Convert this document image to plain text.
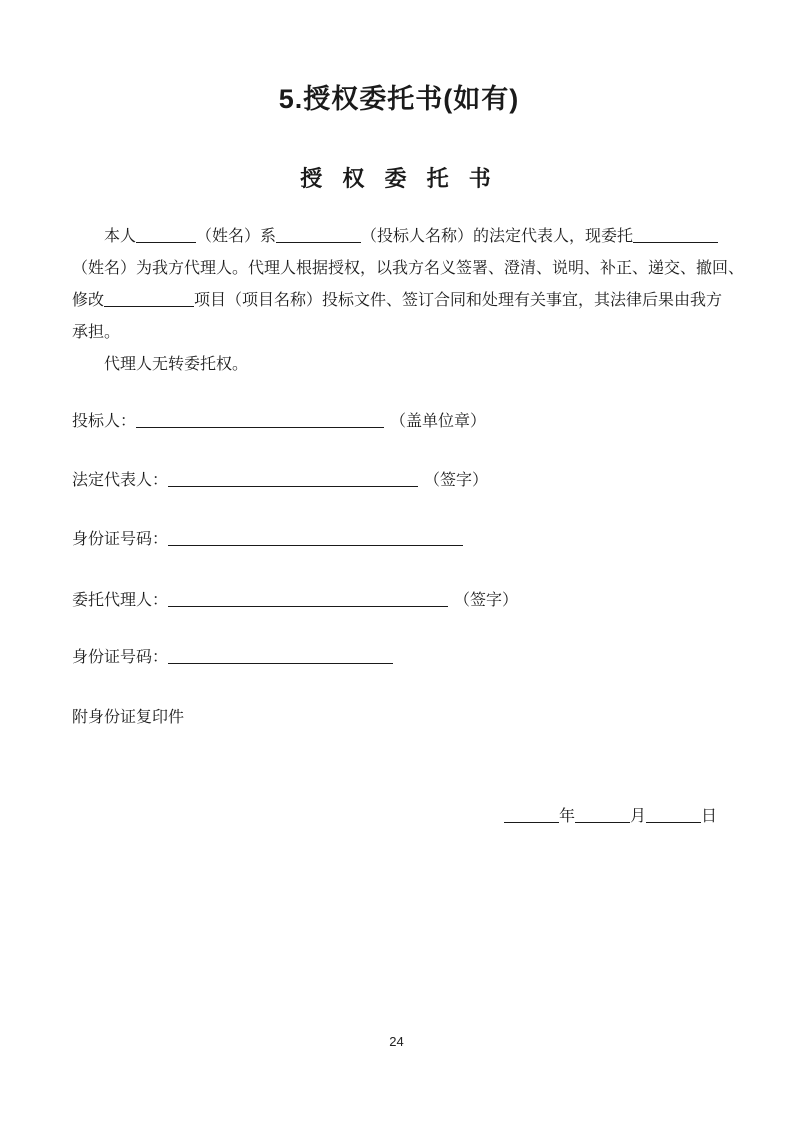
5.授权委托书(如有)
授 权 委 托 书
本人	（姓名）系	（投标人名称）的法定代表人，现委托
（姓名）为我方代理人。代理人根据授权，以我方名义签署、澄清、说明、补正、递交、撤回、
修改	项目（项目名称）投标文件、签订合同和处理有关事宜，其法律后果由我方
承担。
代理人无转委托权。
投标人：	（盖单位章）
法定代表人：	（签字）
身份证号码：
委托代理人：	（签字）
身份证号码：
附身份证复印件
年	月	日
24
